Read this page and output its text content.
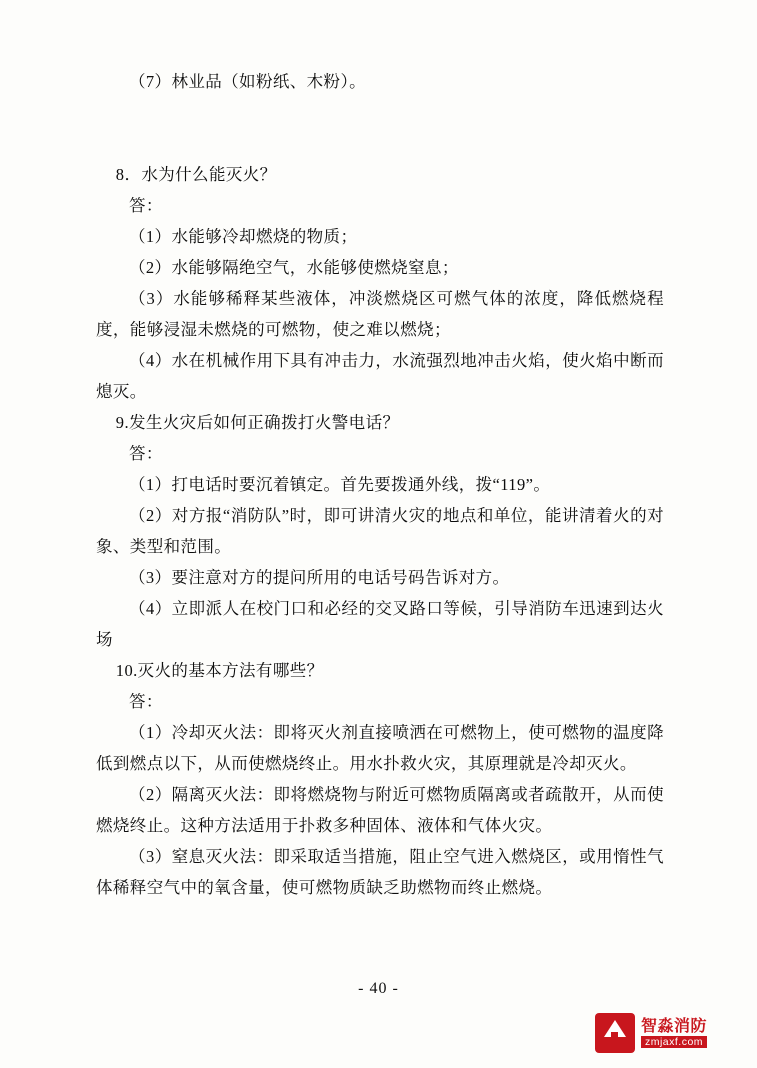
（7）林业品（如粉纸、木粉）。

8．水为什么能灭火？

答：

（1）水能够冷却燃烧的物质；

（2）水能够隔绝空气，水能够使燃烧窒息；

（3）水能够稀释某些液体，冲淡燃烧区可燃气体的浓度，降低燃烧程度，能够浸湿未燃烧的可燃物，使之难以燃烧；

（4）水在机械作用下具有冲击力，水流强烈地冲击火焰，使火焰中断而熄灭。

9.发生火灾后如何正确拨打火警电话？

答：

（1）打电话时要沉着镇定。首先要拨通外线，拨“119”。

（2）对方报“消防队”时，即可讲清火灾的地点和单位，能讲清着火的对象、类型和范围。

（3）要注意对方的提问所用的电话号码告诉对方。

（4）立即派人在校门口和必经的交叉路口等候，引导消防车迅速到达火场

10.灭火的基本方法有哪些？

答：

（1）冷却灭火法：即将灭火剂直接喷洒在可燃物上，使可燃物的温度降低到燃点以下，从而使燃烧终止。用水扑救火灾，其原理就是冷却灭火。

（2）隔离灭火法：即将燃烧物与附近可燃物质隔离或者疏散开，从而使燃烧终止。这种方法适用于扑救多种固体、液体和气体火灾。

（3）窒息灭火法：即采取适当措施，阻止空气进入燃烧区，或用惰性气体稀释空气中的氧含量，使可燃物质缺乏助燃物而终止燃烧。

- 40 -
智淼消防
zmjaxf.com
